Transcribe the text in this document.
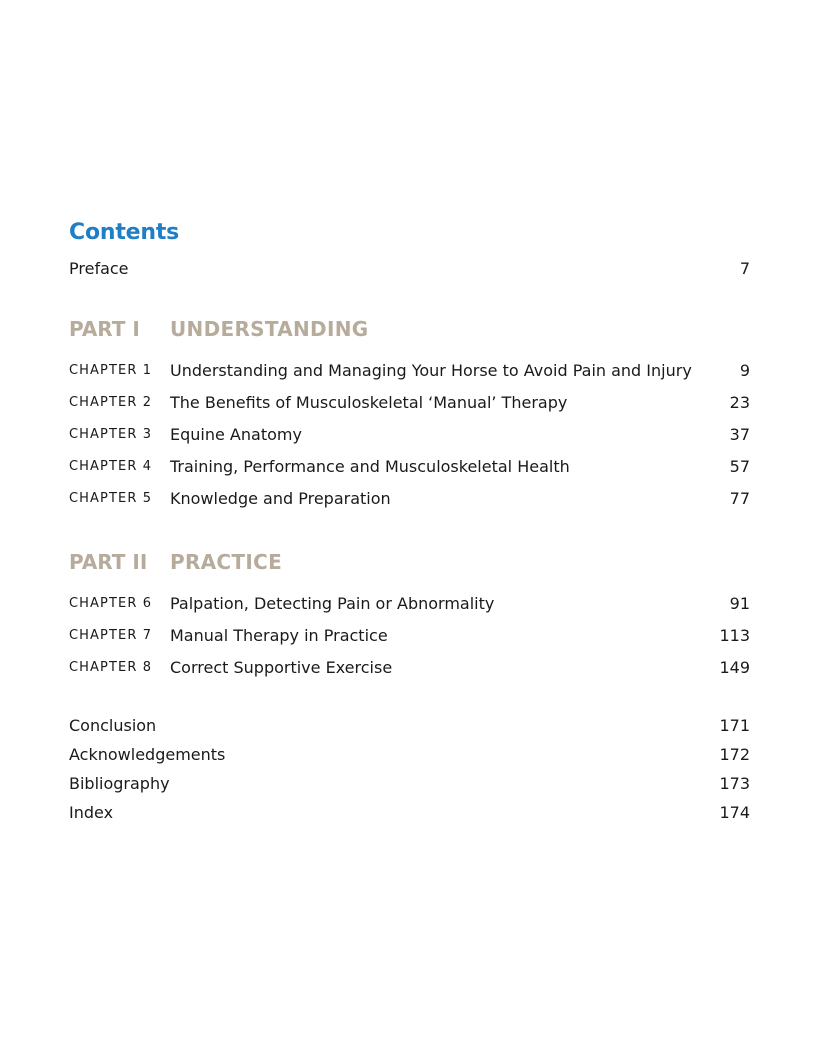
Contents
Preface	7
PART I UNDERSTANDING
CHAPTER 1 Understanding and Managing Your Horse to Avoid Pain and Injury	9
CHAPTER 2 The Benefits of Musculoskeletal ‘Manual’ Therapy	23
CHAPTER 3 Equine Anatomy	37
CHAPTER 4 Training, Performance and Musculoskeletal Health	57
CHAPTER 5 Knowledge and Preparation	77
PART II PRACTICE
CHAPTER 6 Palpation, Detecting Pain or Abnormality	91
CHAPTER 7 Manual Therapy in Practice	113
CHAPTER 8 Correct Supportive Exercise	149
Conclusion	171
Acknowledgements	172
Bibliography	173
Index	174
